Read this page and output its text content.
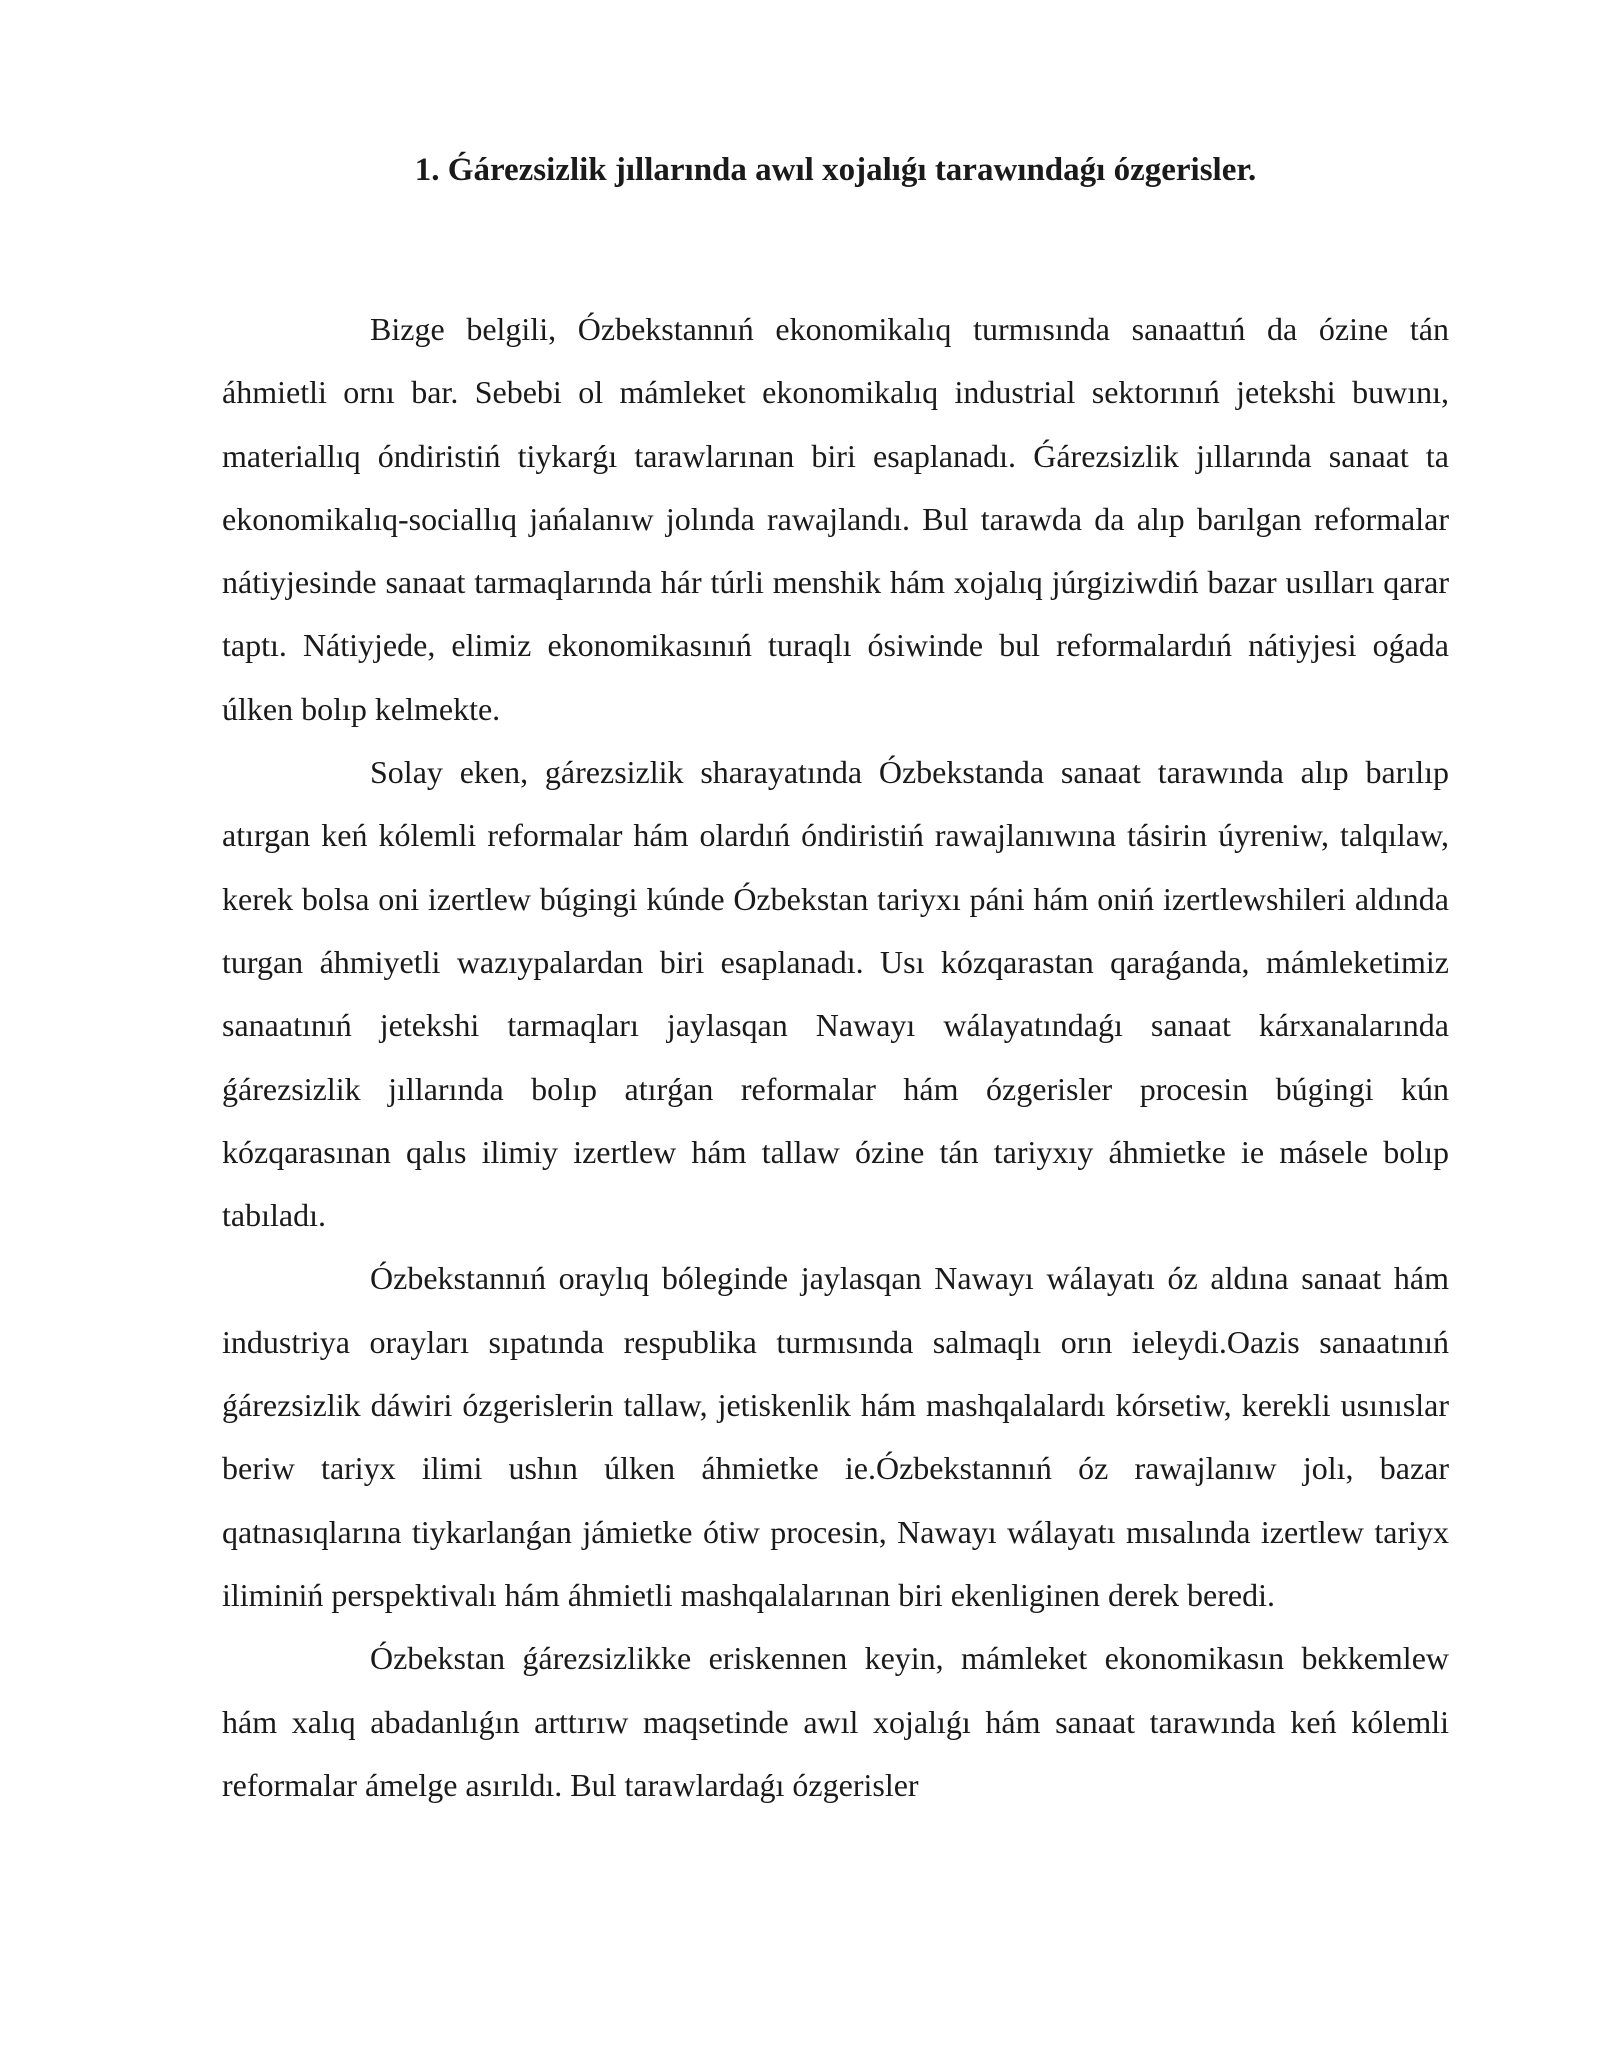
1. Ǵárezsizlik jıllarında awıl xojalıǵı tarawındaǵı ózgerisler.

Bizge belgili, Ózbekstannıń ekonomikalıq turmısında sanaattıń da ózine tán áhmietli ornı bar. Sebebi ol mámleket ekonomikalıq industrial sektorınıń jetekshi buwını, materiallıq óndiristiń tiykarǵı tarawlarınan biri esaplanadı. Ǵárezsizlik jıllarında sanaat ta ekonomikalıq-sociallıq jańalanıw jolında rawajlandı. Bul tarawda da alıp barılgan reformalar nátiyjesinde sanaat tarmaqlarında hár túrli menshik hám xojalıq júrgiziwdiń bazar usılları qarar taptı. Nátiyjede, elimiz ekonomikasınıń turaqlı ósiwinde bul reformalardıń nátiyjesi oǵada úlken bolıp kelmekte.

Solay eken, gárezsizlik sharayatında Ózbekstanda sanaat tarawında alıp barılıp atırgan keń kólemli reformalar hám olardıń óndiristiń rawajlanıwına tásirin úyreniw, talqılaw, kerek bolsa oni izertlew búgingi kúnde Ózbekstan tariyxı páni hám oniń izertlewshileri aldında turgan áhmiyetli wazıypalardan biri esaplanadı. Usı kózqarastan qaraǵanda, mámleketimiz sanaatınıń jetekshi tarmaqları jaylasqan Nawayı wálayatındaǵı sanaat kárxanalarında ǵárezsizlik jıllarında bolıp atırǵan reformalar hám ózgerisler procesin búgingi kún kózqarasınan qalıs ilimiy izertlew hám tallaw ózine tán tariyxıy áhmietke ie másele bolıp tabıladı.

Ózbekstannıń oraylıq bóleginde jaylasqan Nawayı wálayatı óz aldına sanaat hám industriya orayları sıpatında respublika turmısında salmaqlı orın ieleydi.Oazis sanaatınıń ǵárezsizlik dáwiri ózgerislerin tallaw, jetiskenlik hám mashqalalardı kórsetiw, kerekli usınıslar beriw tariyx ilimi ushın úlken áhmietke ie.Ózbekstannıń óz rawajlanıw jolı, bazar qatnasıqlarına tiykarlanǵan jámietke ótiw procesin, Nawayı wálayatı mısalında izertlew tariyx iliminiń perspektivalı hám áhmietli mashqalalarınan biri ekenliginen derek beredi.

Ózbekstan ǵárezsizlikke eriskennen keyin, mámleket ekonomikasın bekkemlew hám xalıq abadanlıǵın arttırıw maqsetinde awıl xojalıǵı hám sanaat tarawında keń kólemli reformalar ámelge asırıldı. Bul tarawlardaǵı ózgerisler
